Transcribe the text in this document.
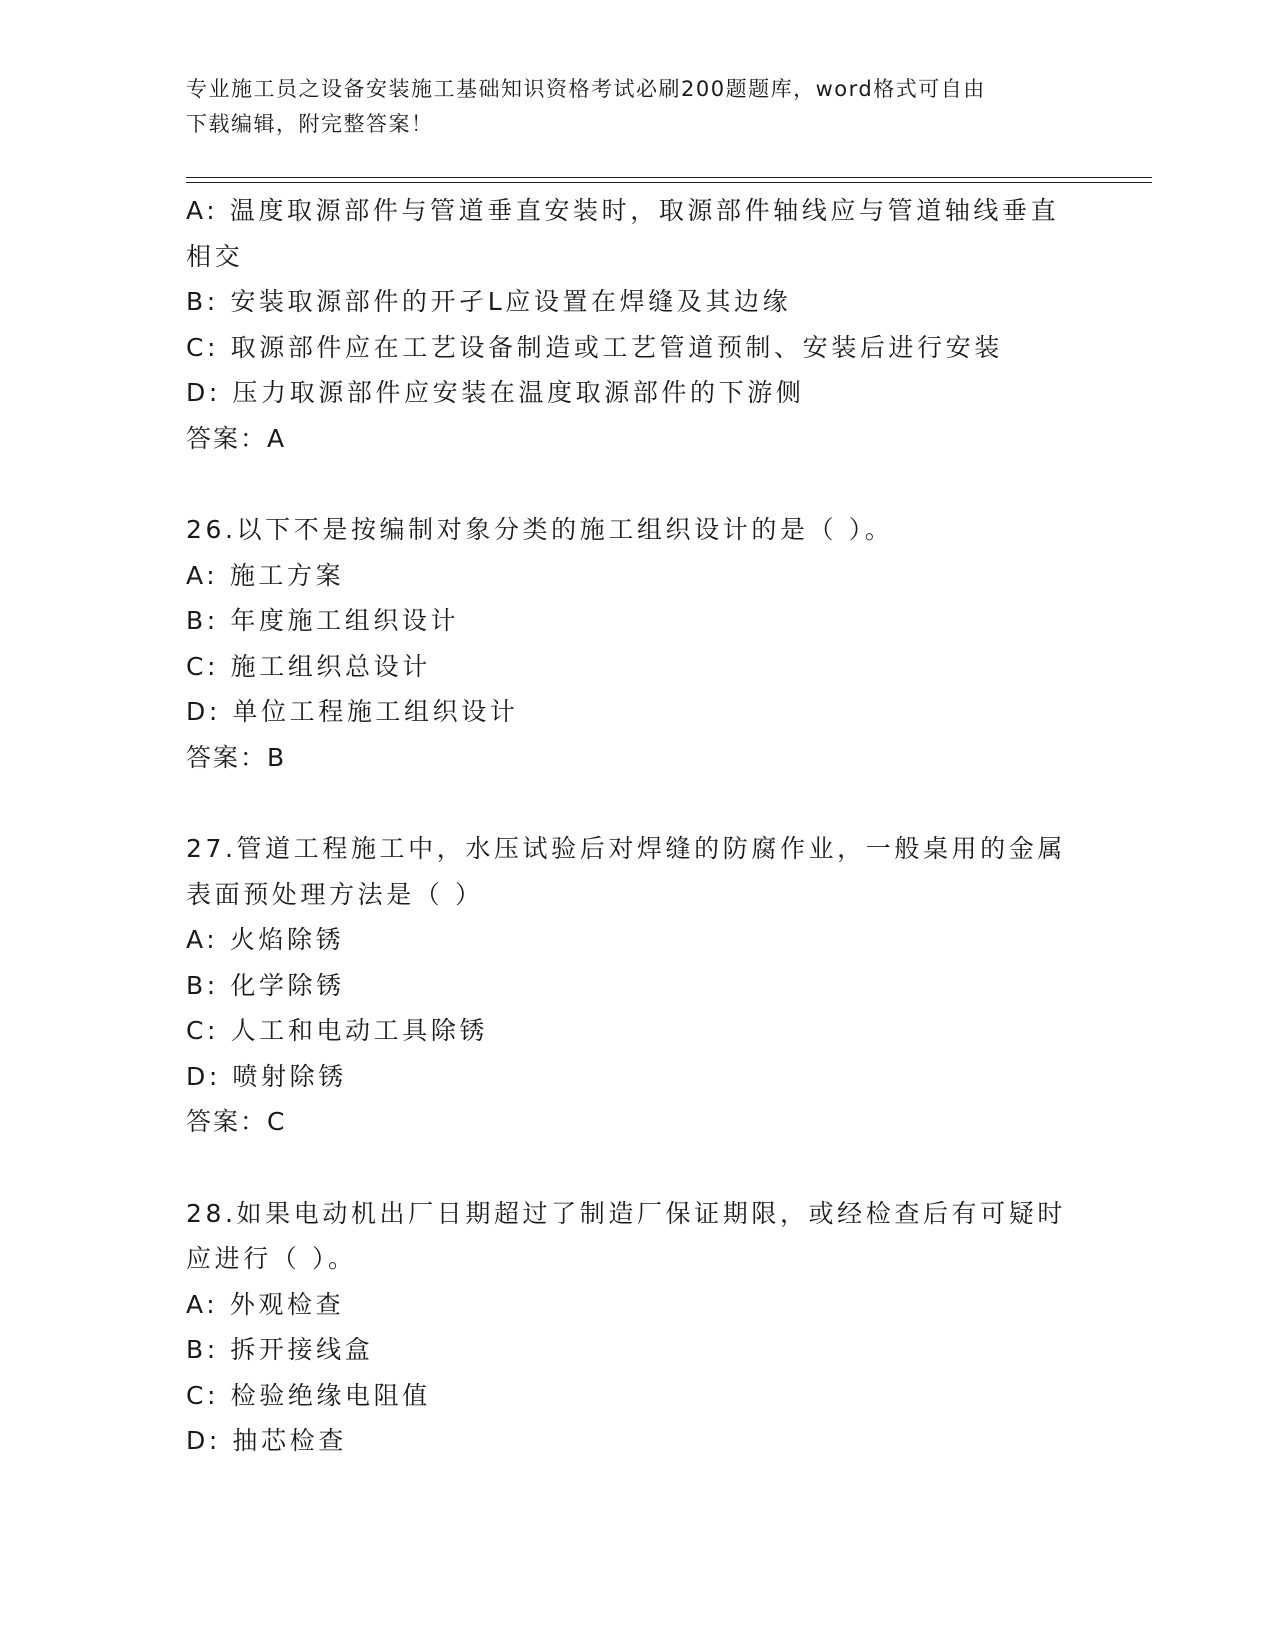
专业施工员之设备安装施工基础知识资格考试必刷200题题库，word格式可自由
下载编辑，附完整答案！
A: 温度取源部件与管道垂直安装时，取源部件轴线应与管道轴线垂直
相交
B: 安装取源部件的开孑L应设置在焊缝及其边缘
C: 取源部件应在工艺设备制造或工艺管道预制、安装后进行安装
D: 压力取源部件应安装在温度取源部件的下游侧
答案：A
26.以下不是按编制对象分类的施工组织设计的是（ ）。
A: 施工方案
B: 年度施工组织设计
C: 施工组织总设计
D: 单位工程施工组织设计
答案：B
27.管道工程施工中，水压试验后对焊缝的防腐作业，一般桌用的金属
表面预处理方法是（ ）
A: 火焰除锈
B: 化学除锈
C: 人工和电动工具除锈
D: 喷射除锈
答案：C
28.如果电动机出厂日期超过了制造厂保证期限，或经检查后有可疑时
应进行（ ）。
A: 外观检查
B: 拆开接线盒
C: 检验绝缘电阻值
D: 抽芯检查
